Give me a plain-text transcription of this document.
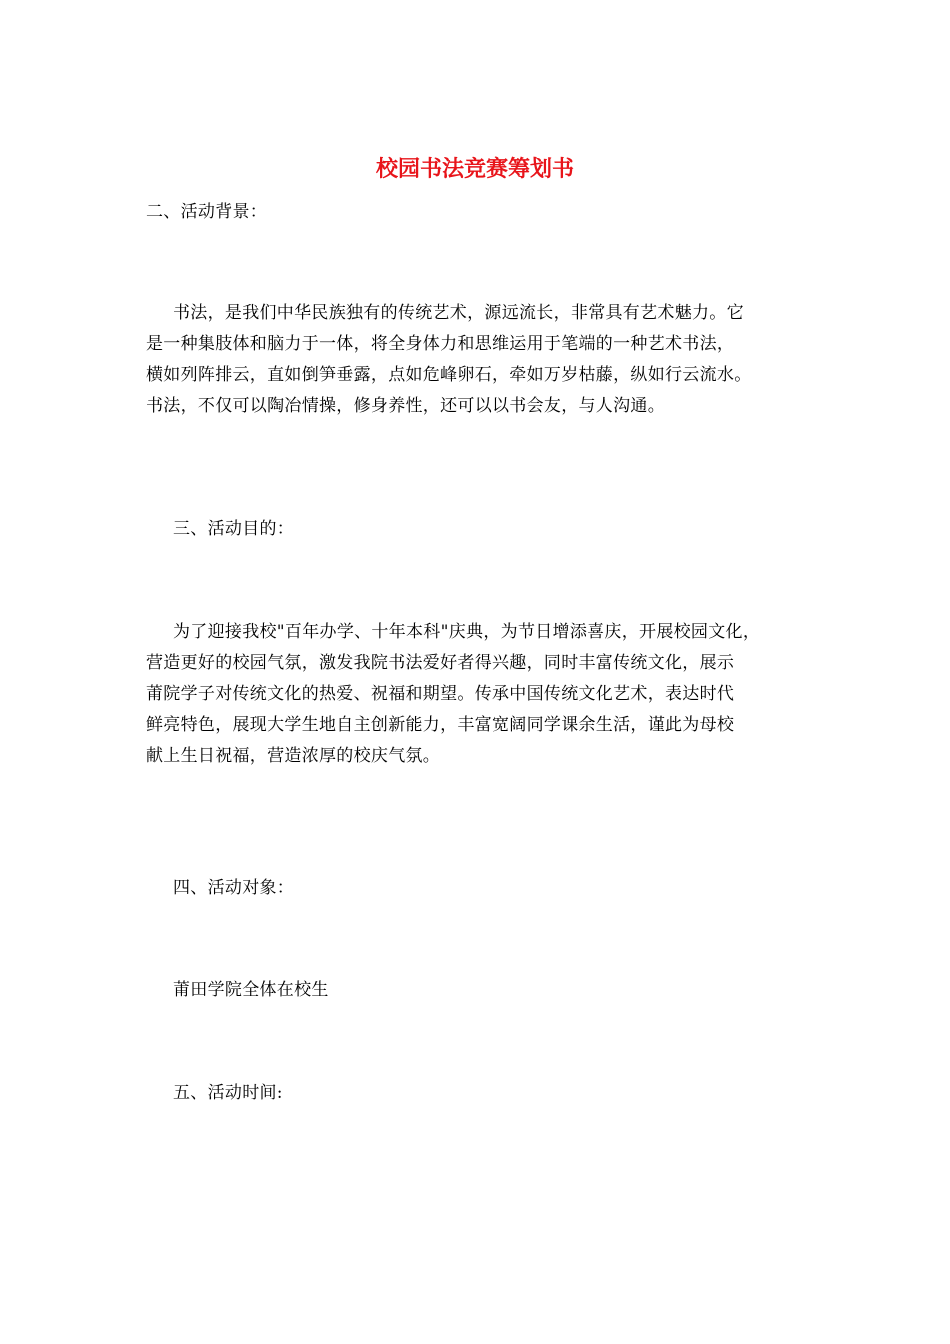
校园书法竞赛筹划书
二、活动背景：
书法，是我们中华民族独有的传统艺术，源远流长，非常具有艺术魅力。它
是一种集肢体和脑力于一体，将全身体力和思维运用于笔端的一种艺术书法，
横如列阵排云，直如倒笋垂露，点如危峰卵石，牵如万岁枯藤，纵如行云流水。
书法，不仅可以陶冶情操，修身养性，还可以以书会友，与人沟通。
三、活动目的：
为了迎接我校"百年办学、十年本科"庆典，为节日增添喜庆，开展校园文化，
营造更好的校园气氛，激发我院书法爱好者得兴趣，同时丰富传统文化，展示
莆院学子对传统文化的热爱、祝福和期望。传承中国传统文化艺术，表达时代
鲜亮特色，展现大学生地自主创新能力，丰富宽阔同学课余生活，谨此为母校
献上生日祝福，营造浓厚的校庆气氛。
四、活动对象：
莆田学院全体在校生
五、活动时间:
